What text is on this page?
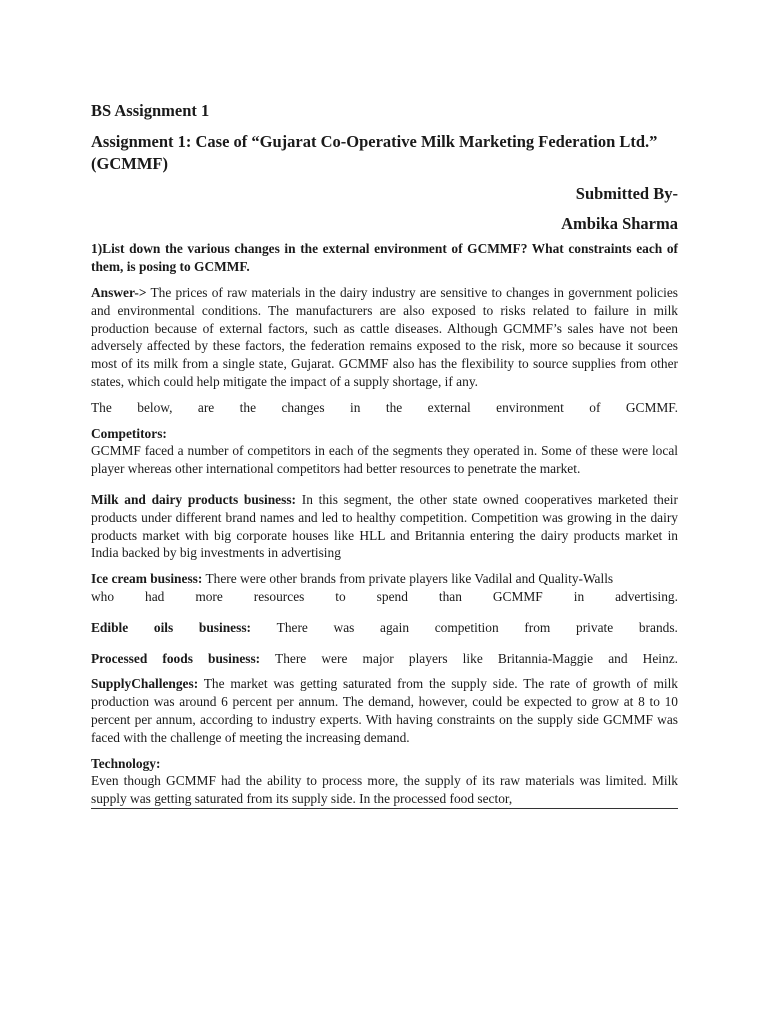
BS Assignment 1
Assignment 1: Case of “Gujarat Co-Operative Milk Marketing Federation Ltd.” (GCMMF)
Submitted By-
Ambika Sharma
1)List down the various changes in the external environment of GCMMF? What constraints each of them, is posing to GCMMF.

Answer-> The prices of raw materials in the dairy industry are sensitive to changes in government policies and environmental conditions. The manufacturers are also exposed to risks related to failure in milk production because of external factors, such as cattle diseases. Although GCMMF’s sales have not been adversely affected by these factors, the federation remains exposed to the risk, more so because it sources most of its milk from a single state, Gujarat. GCMMF also has the flexibility to source supplies from other states, which could help mitigate the impact of a supply shortage, if any.

The below, are the changes in the external environment of GCMMF.
Competitors:

GCMMF faced a number of competitors in each of the segments they operated in. Some of these were local player whereas other international competitors had better resources to penetrate the market.

Milk and dairy products business: In this segment, the other state owned cooperatives marketed their products under different brand names and led to healthy competition. Competition was growing in the dairy products market with big corporate houses like HLL and Britannia entering the dairy products market in India backed by big investments in advertising

Ice cream business: There were other brands from private players like Vadilal and Quality-Walls
who had more resources to spend than GCMMF in advertising.
Edible oils business: There was again competition from private brands.

Processed foods business: There were major players like Britannia-Maggie and Heinz.

SupplyChallenges: The market was getting saturated from the supply side. The rate of growth of milk production was around 6 percent per annum. The demand, however, could be expected to grow at 8 to 10 percent per annum, according to industry experts. With having constraints on the supply side GCMMF was faced with the challenge of meeting the increasing demand.

Technology:

Even though GCMMF had the ability to process more, the supply of its raw materials was limited. Milk supply was getting saturated from its supply side. In the processed food sector,
